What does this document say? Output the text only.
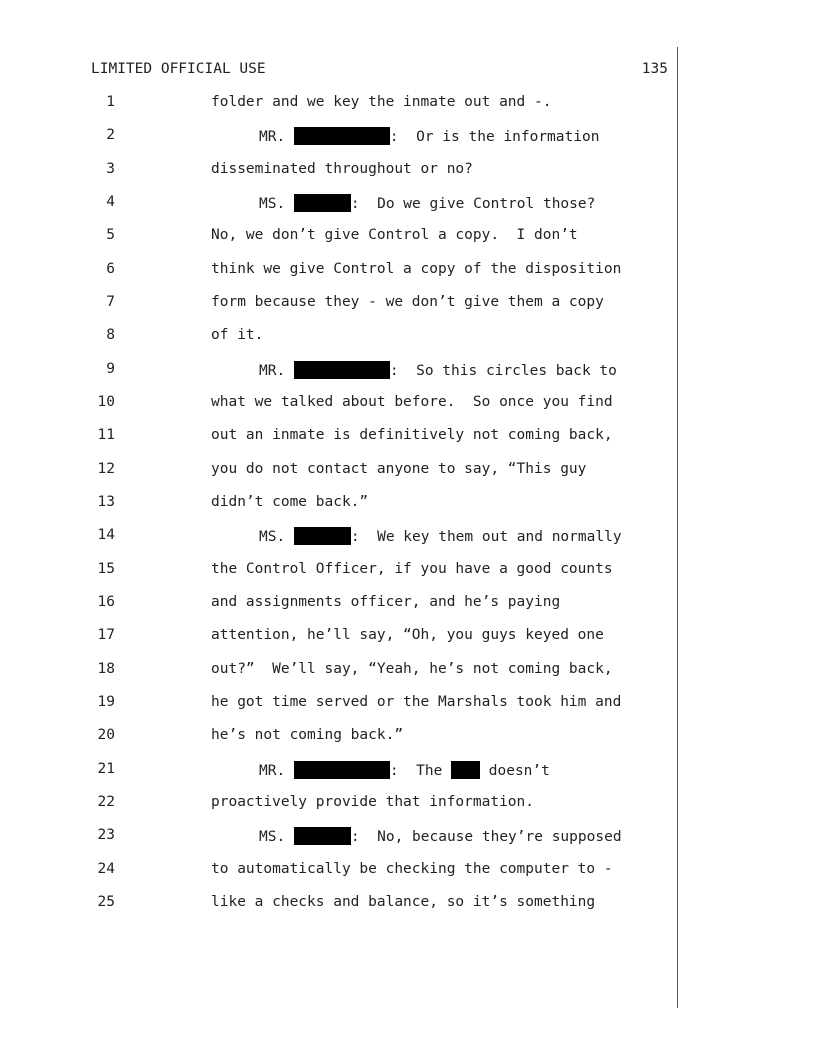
LIMITED OFFICIAL USE	135
1	folder and we key the inmate out and -.
2	MR.	:  Or is the information
3	disseminated throughout or no?
4	MS.	:  Do we give Control those?
5	No, we don’t give Control a copy.  I don’t
6	think we give Control a copy of the disposition
7	form because they - we don’t give them a copy
8	of it.
9	MR.	:  So this circles back to
10	what we talked about before.  So once you find
11	out an inmate is definitively not coming back,
12	you do not contact anyone to say, “This guy
13	didn’t come back.”
14	MS.	:  We key them out and normally
15	the Control Officer, if you have a good counts
16	and assignments officer, and he’s paying
17	attention, he’ll say, “Oh, you guys keyed one
18	out?”  We’ll say, “Yeah, he’s not coming back,
19	he got time served or the Marshals took him and
20	he’s not coming back.”
21	MR.	:  The  doesn’t
22	proactively provide that information.
23	MS.	:  No, because they’re supposed
24	to automatically be checking the computer to -
25	like a checks and balance, so it’s something
